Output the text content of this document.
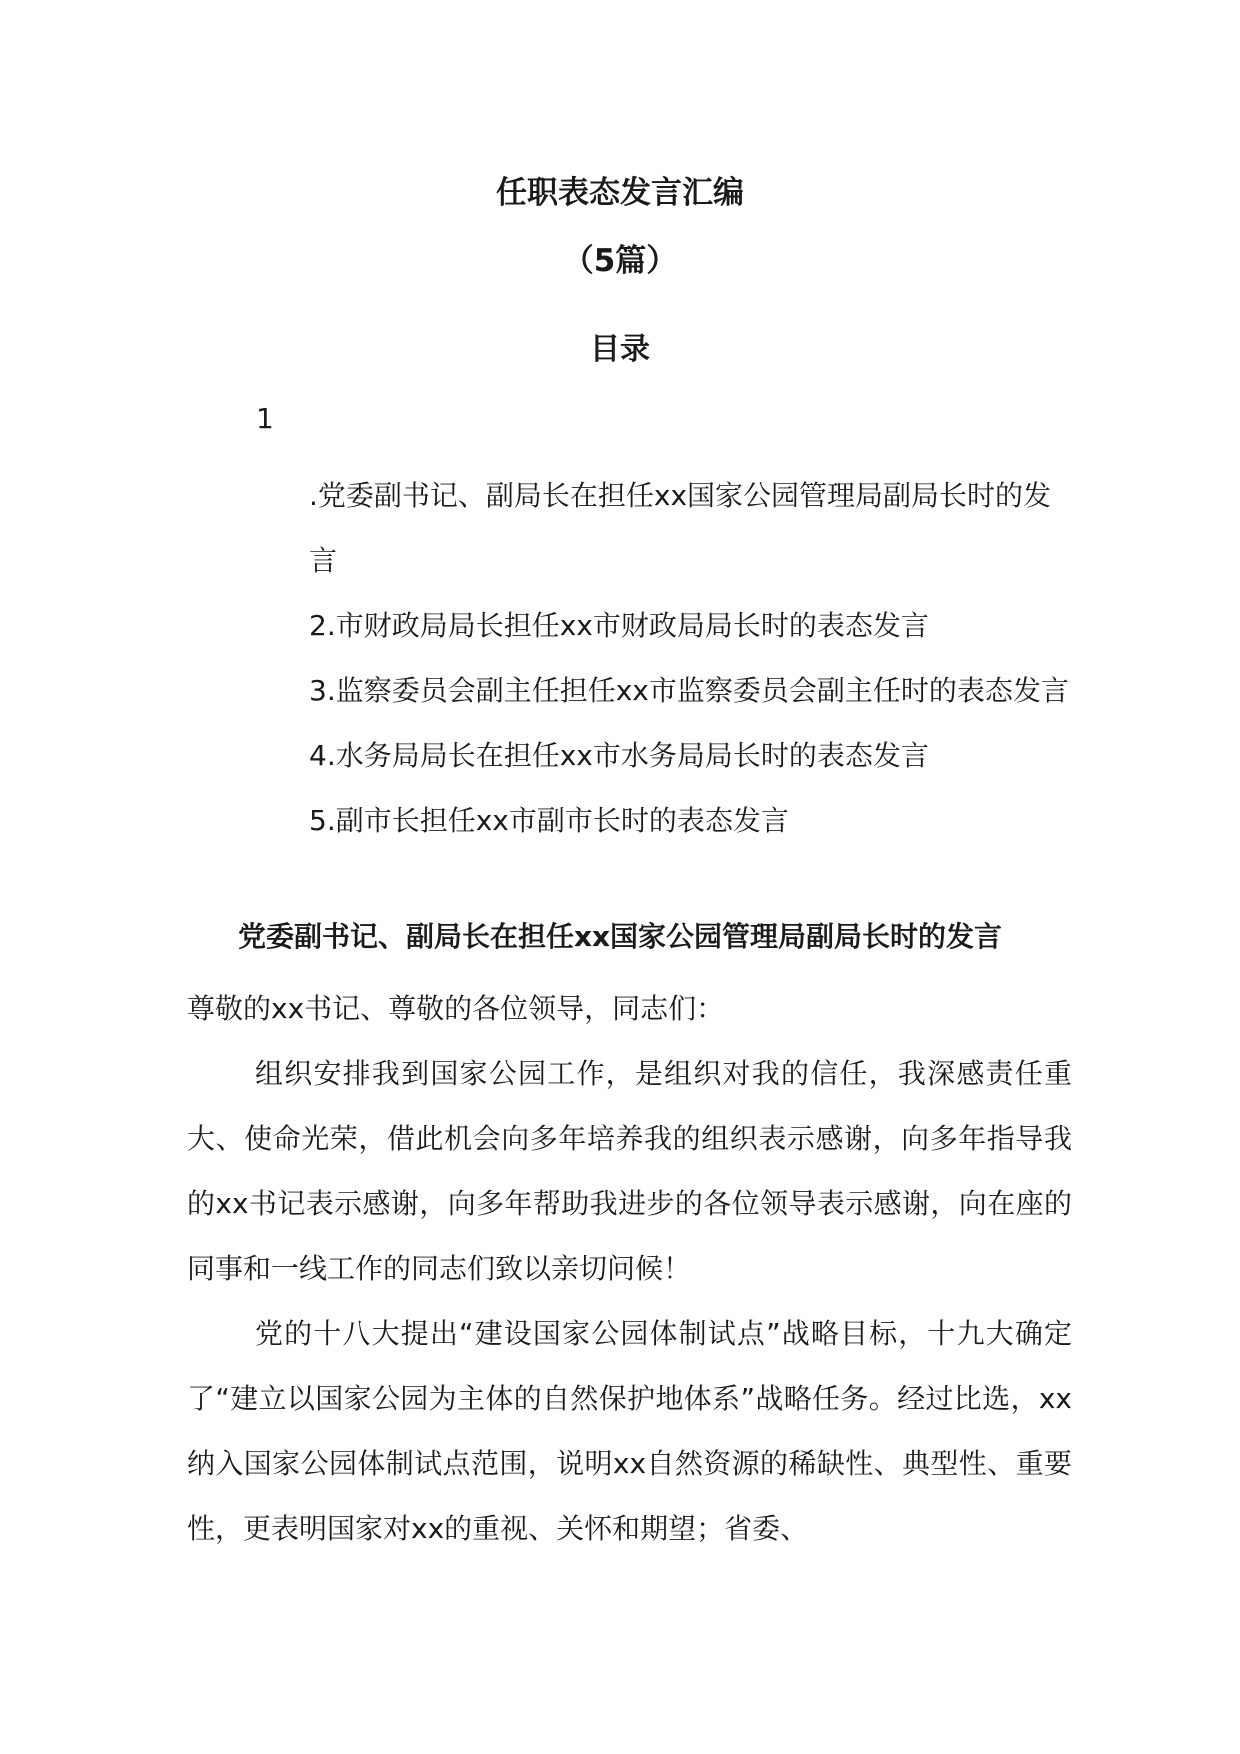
任职表态发言汇编
（5篇）
目录
1
.党委副书记、副局长在担任xx国家公园管理局副局长时的发言
2.市财政局局长担任xx市财政局局长时的表态发言
3.监察委员会副主任担任xx市监察委员会副主任时的表态发言
4.水务局局长在担任xx市水务局局长时的表态发言
5.副市长担任xx市副市长时的表态发言
党委副书记、副局长在担任xx国家公园管理局副局长时的发言

尊敬的xx书记、尊敬的各位领导，同志们：

组织安排我到国家公园工作，是组织对我的信任，我深感责任重大、使命光荣，借此机会向多年培养我的组织表示感谢，向多年指导我的xx书记表示感谢，向多年帮助我进步的各位领导表示感谢，向在座的同事和一线工作的同志们致以亲切问候！

党的十八大提出“建设国家公园体制试点”战略目标，十九大确定了“建立以国家公园为主体的自然保护地体系”战略任务。经过比选，xx纳入国家公园体制试点范围，说明xx自然资源的稀缺性、典型性、重要性，更表明国家对xx的重视、关怀和期望；省委、
